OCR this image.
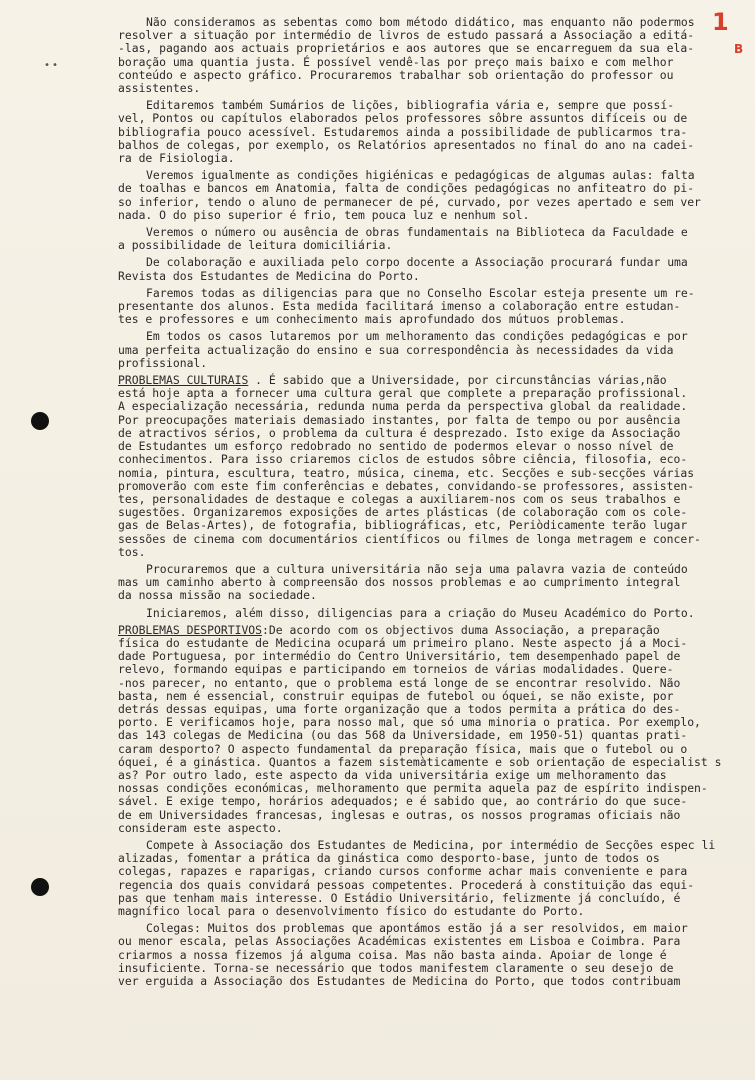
1
B
••
Não consideramos as sebentas como bom método didático, mas enquanto não podermos
resolver a situação por intermédio de livros de estudo passará a Associação a editá-
-las, pagando aos actuais proprietários e aos autores que se encarreguem da sua ela-
boração uma quantia justa. É possível vendê-las por preço mais baixo e com melhor
conteúdo e aspecto gráfico. Procuraremos trabalhar sob orientação do professor ou
assistentes.
Editaremos também Sumários de lições, bibliografia vária e, sempre que possí-
vel, Pontos ou capítulos elaborados pelos professores sôbre assuntos difíceis ou de
bibliografia pouco acessível. Estudaremos ainda a possibilidade de publicarmos tra-
balhos de colegas, por exemplo, os Relatórios apresentados no final do ano na cadei-
ra de Fisiologia.
Veremos igualmente as condições higiénicas e pedagógicas de algumas aulas: falta
de toalhas e bancos em Anatomia, falta de condições pedagógicas no anfiteatro do pi-
so inferior, tendo o aluno de permanecer de pé, curvado, por vezes apertado e sem ver
nada. O do piso superior é frio, tem pouca luz e nenhum sol.
Veremos o número ou ausência de obras fundamentais na Biblioteca da Faculdade e
a possibilidade de leitura domiciliária.
De colaboração e auxiliada pelo corpo docente a Associação procurará fundar uma
Revista dos Estudantes de Medicina do Porto.
Faremos todas as diligencias para que no Conselho Escolar esteja presente um re-
presentante dos alunos. Esta medida facilitará imenso a colaboração entre estudan-
tes e professores e um conhecimento mais aprofundado dos mútuos problemas.
Em todos os casos lutaremos por um melhoramento das condições pedagógicas e por
uma perfeita actualização do ensino e sua correspondência às necessidades da vida
profissional.
PROBLEMAS CULTURAIS . É sabido que a Universidade, por circunstâncias várias,não
está hoje apta a fornecer uma cultura geral que complete a preparação profissional.
A especialização necessária, redunda numa perda da perspectiva global da realidade.
Por preocupações materiais demasiado instantes, por falta de tempo ou por ausência
de atractivos sérios, o problema da cultura é desprezado. Isto exige da Associação
de Estudantes um esforço redobrado no sentido de podermos elevar o nosso nível de
conhecimentos. Para isso criaremos ciclos de estudos sôbre ciência, filosofia, eco-
nomia, pintura, escultura, teatro, música, cinema, etc. Secções e sub-secções várias
promoverão com este fim conferências e debates, convidando-se professores, assisten-
tes, personalidades de destaque e colegas a auxiliarem-nos com os seus trabalhos e
sugestões. Organizaremos exposições de artes plásticas (de colaboração com os cole-
gas de Belas-Artes), de fotografia, bibliográficas, etc, Periòdicamente terão lugar
sessões de cinema com documentários científicos ou filmes de longa metragem e concer-
tos.
Procuraremos que a cultura universitária não seja uma palavra vazia de conteúdo
mas um caminho aberto à compreensão dos nossos problemas e ao cumprimento integral
da nossa missão na sociedade.
Iniciaremos, além disso, diligencias para a criação do Museu Académico do Porto.
PROBLEMAS DESPORTIVOS:De acordo com os objectivos duma Associação, a preparação
física do estudante de Medicina ocupará um primeiro plano. Neste aspecto já a Moci-
dade Portuguesa, por intermédio do Centro Universitário, tem desempenhado papel de
relevo, formando equipas e participando em torneios de várias modalidades. Quere-
-nos parecer, no entanto, que o problema está longe de se encontrar resolvido. Não
basta, nem é essencial, construir equipas de futebol ou óquei, se não existe, por
detrás dessas equipas, uma forte organização que a todos permita a prática do des-
porto. E verificamos hoje, para nosso mal, que só uma minoria o pratica. Por exemplo,
das 143 colegas de Medicina (ou das 568 da Universidade, em 1950-51) quantas prati-
caram desporto? O aspecto fundamental da preparação física, mais que o futebol ou o
óquei, é a ginástica. Quantos a fazem sistemàticamente e sob orientação de especialist s
as? Por outro lado, este aspecto da vida universitária exige um melhoramento das
nossas condições económicas, melhoramento que permita aquela paz de espírito indispen-
sável. E exige tempo, horários adequados; e é sabido que, ao contrário do que suce-
de em Universidades francesas, inglesas e outras, os nossos programas oficiais não
consideram este aspecto.
Compete à Associação dos Estudantes de Medicina, por intermédio de Secções espec li
alizadas, fomentar a prática da ginástica como desporto-base, junto de todos os
colegas, rapazes e raparigas, criando cursos conforme achar mais conveniente e para
regencia dos quais convidará pessoas competentes. Procederá à constituição das equi-
pas que tenham mais interesse. O Estádio Universitário, felizmente já concluído, é
magnífico local para o desenvolvimento físico do estudante do Porto.
Colegas: Muitos dos problemas que apontámos estão já a ser resolvidos, em maior
ou menor escala, pelas Associações Académicas existentes em Lisboa e Coimbra. Para
criarmos a nossa fizemos já alguma coisa. Mas não basta ainda. Apoiar de longe é
insuficiente. Torna-se necessário que todos manifestem claramente o seu desejo de
ver erguida a Associação dos Estudantes de Medicina do Porto, que todos contribuam
